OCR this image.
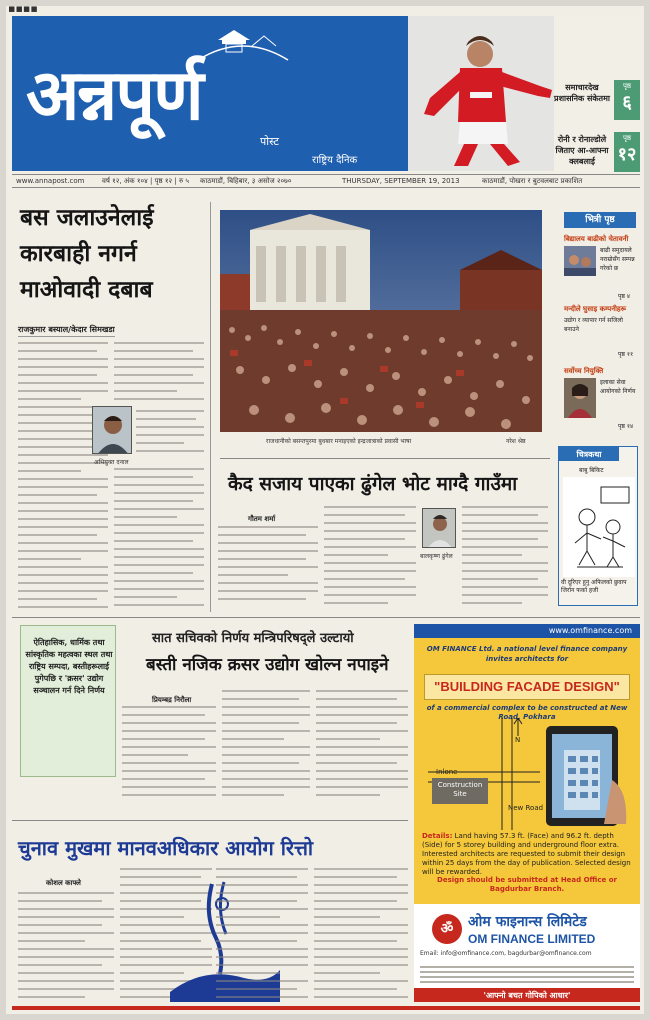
▪▪▪▪
अन्नपूर्ण
पोस्ट
राष्ट्रिय दैनिक
समाचारदेख प्रशासनिक संकेतमा
पृष्ठ
६
रोनी र रोनाल्डोले जिताए आ-आफ्ना क्लबलाई
पृष्ठ
१२
www.annapost.com वर्ष १२, अंक १०४ | पृष्ठ १२ | रु ५ काठमाडौं, बिहिबार, ३ असोज २०७०	THURSDAY, SEPTEMBER 19, 2013	काठमाडौं, पोखरा र बुटवलबाट प्रकाशित
बस जलाउनेलाई कारबाही नगर्न माओवादी दबाब
राजकुमार बस्याल/केदार सिमखडा
अभियुक्त दनाल
राजधानीको बसन्तपुरमा बुधबार मनाइएको इन्द्रजात्राको प्रवासी भाषा	नरेश श्रेष्ठ
कैद सजाय पाएका ढुंगेल भोट माग्दै गाउँमा
गौतम शर्मा
बालकृष्ण ढुंगेल
भित्री पृष्ठ
बिद्यालय बाढीको चेतावनी
बाढी समुदायले नराम्रोसँग सम्पन्न गरेको छ
पृष्ठ ४
मन्दीले घुसाइ कम्पनीहरू
उद्योग र व्यापार गर्न सजिलो बनाउने
पृष्ठ ११
सर्वोच्च नियुक्ति
इलाका सेवा आयोगको निर्णय
पृष्ठ १४
चित्रकथा
बाबु बिकिट
वी दूरिएर हुनु अफिलको छुवाप जिर्रान फर्का हजी
ऐतिहासिक, धार्मिक तथा सांस्कृतिक महत्वका स्थल तथा राष्ट्रिय सम्पदा, बस्तीहरूलाई पुगेपछि र 'क्रसर' उद्योग सञ्चालन गर्न दिने निर्णय
सात सचिवको निर्णय मन्त्रिपरिषद्ले उल्टायो
बस्ती नजिक क्रसर उद्योग खोल्न नपाइने
प्रियम्बद्र निरौला
www.omfinance.com
OM FINANCE Ltd. a national level finance company invites architects for
"BUILDING FACADE DESIGN"
of a commercial complex to be constructed at New Road, Pokhara
N
Inlone
New Road
Construction Site
Details: Land having 57.3 ft. (Face) and 96.2 ft. depth (Side) for 5 storey building and underground floor extra. Interested architects are requested to submit their design within 25 days from the day of publication. Selected design will be rewarded.
Design should be submitted at Head Office or Bagdurbar Branch.
ॐ	ओम फाइनान्स लिमिटेड
OM FINANCE LIMITED
Email: info@omfinance.com, bagdurbar@omfinance.com
'आफ्नो बचत गोपिको आधार'
चुनाव मुखमा मानवअधिकार आयोग रित्तो
कोशल काफ्ले
